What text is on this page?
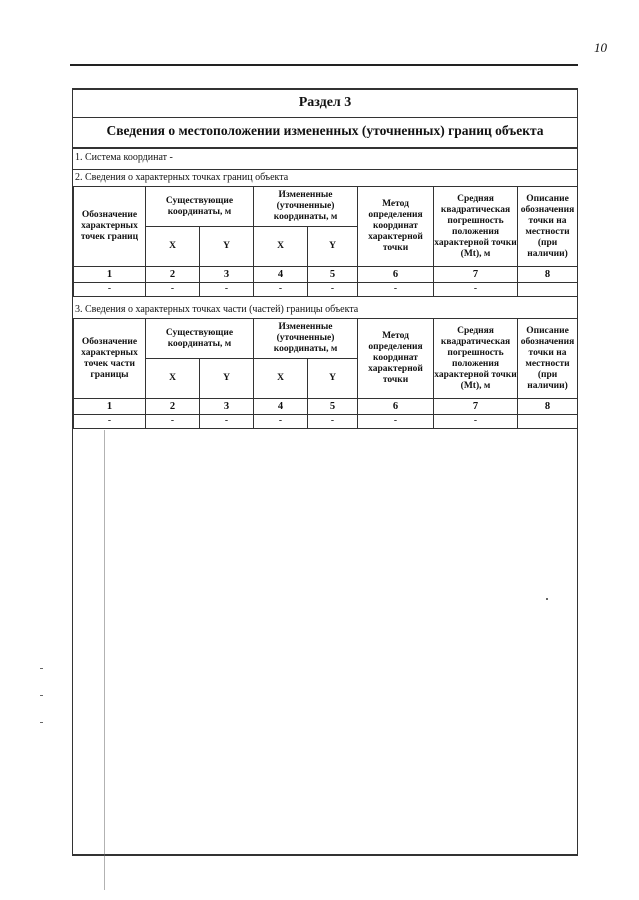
10
Раздел 3
Сведения о местоположении измененных (уточненных) границ объекта
1. Система координат -
2. Сведения о характерных точках границ объекта
Обозначение характерных точек границ	Существующие координаты, м		Измененные (уточненные) координаты, м		Метод определения координат характерной точки	Средняя квадратическая погрешность положения характерной точки (Mt), м	Описание обозначения точки на местности (при наличии)
	X	Y	X	Y			
1	2	3	4	5	6	7	8
-	-	-	-	-	-	-	
3. Сведения о характерных точках части (частей) границы объекта
Обозначение характерных точек части границы	Существующие координаты, м		Измененные (уточненные) координаты, м		Метод определения координат характерной точки	Средняя квадратическая погрешность положения характерной точки (Mt), м	Описание обозначения точки на местности (при наличии)
	X	Y	X	Y			
1	2	3	4	5	6	7	8
-	-	-	-	-	-	-	
